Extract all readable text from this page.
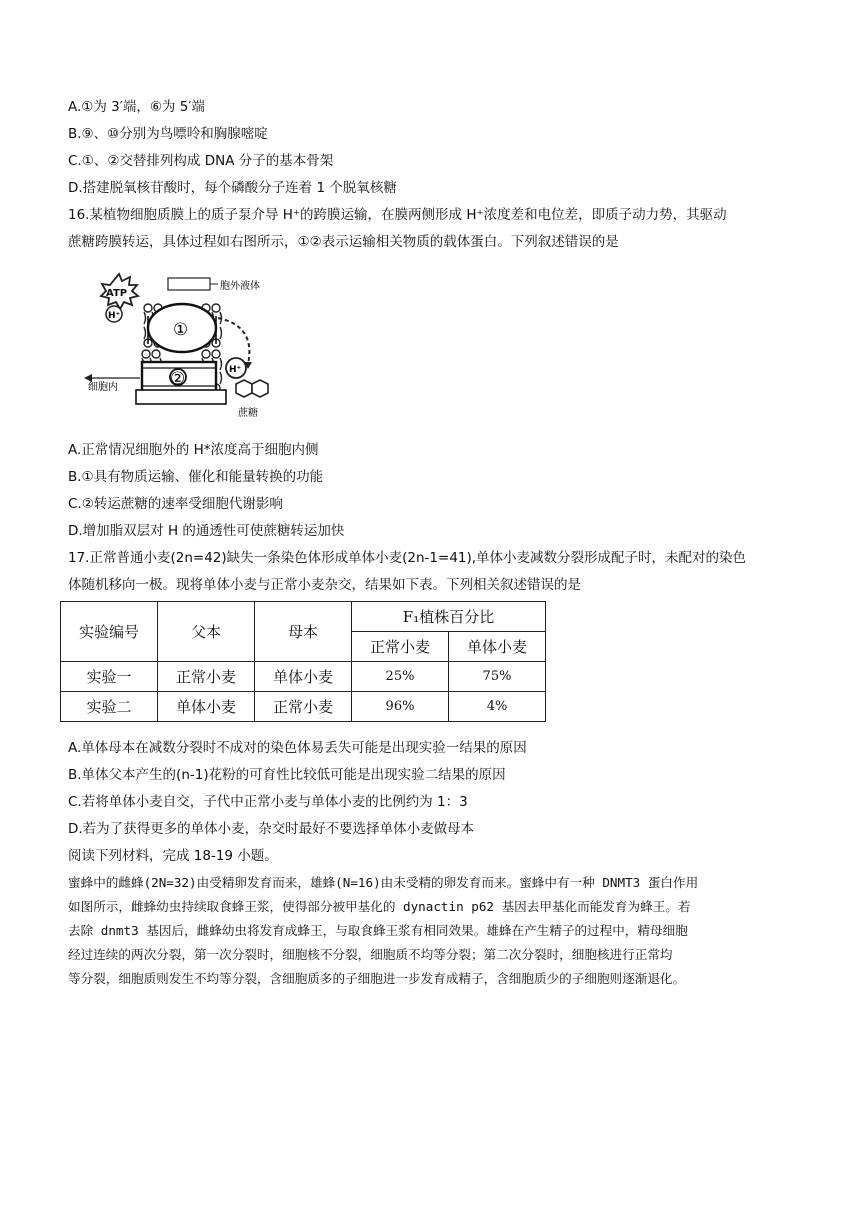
A.①为 3′端，⑥为 5′端
B.⑨、⑩分别为鸟嘌呤和胸腺嘧啶
C.①、②交替排列构成 DNA 分子的基本骨架
D.搭建脱氧核苷酸时，每个磷酸分子连着 1 个脱氧核糖
16.某植物细胞质膜上的质子泵介导 H⁺的跨膜运输，在膜两侧形成 H⁺浓度差和电位差，即质子动力势，其驱动
蔗糖跨膜转运，具体过程如右图所示，①②表示运输相关物质的载体蛋白。下列叙述错误的是
ATP
H⁺
①
胞外液体
②	H⁺
蔗糖
细胞内
A.正常情况细胞外的 H*浓度高于细胞内侧
B.①具有物质运输、催化和能量转换的功能
C.②转运蔗糖的速率受细胞代谢影响
D.增加脂双层对 H 的通透性可使蔗糖转运加快
17.正常普通小麦(2n=42)缺失一条染色体形成单体小麦(2n-1=41),单体小麦减数分裂形成配子时，未配对的染色
体随机移向一极。现将单体小麦与正常小麦杂交，结果如下表。下列相关叙述错误的是
实验编号	父本	母本	F₁植株百分比	
			正常小麦	单体小麦
实验一	正常小麦	单体小麦	25%	75%
实验二	单体小麦	正常小麦	96%	4%
A.单体母本在减数分裂时不成对的染色体易丢失可能是出现实验一结果的原因
B.单体父本产生的(n-1)花粉的可育性比较低可能是出现实验二结果的原因
C.若将单体小麦自交，子代中正常小麦与单体小麦的比例约为 1：3
D.若为了获得更多的单体小麦，杂交时最好不要选择单体小麦做母本
阅读下列材料，完成 18-19 小题。
蜜蜂中的雌蜂(2N=32)由受精卵发育而来，雄蜂(N=16)由未受精的卵发育而来。蜜蜂中有一种 DNMT3 蛋白作用
如图所示，雌蜂幼虫持续取食蜂王浆，使得部分被甲基化的 dynactin p62 基因去甲基化而能发育为蜂王。若
去除 dnmt3 基因后，雌蜂幼虫将发育成蜂王，与取食蜂王浆有相同效果。雄蜂在产生精子的过程中，精母细胞
经过连续的两次分裂，第一次分裂时，细胞核不分裂，细胞质不均等分裂；第二次分裂时，细胞核进行正常均
等分裂，细胞质则发生不均等分裂，含细胞质多的子细胞进一步发育成精子，含细胞质少的子细胞则逐渐退化。
